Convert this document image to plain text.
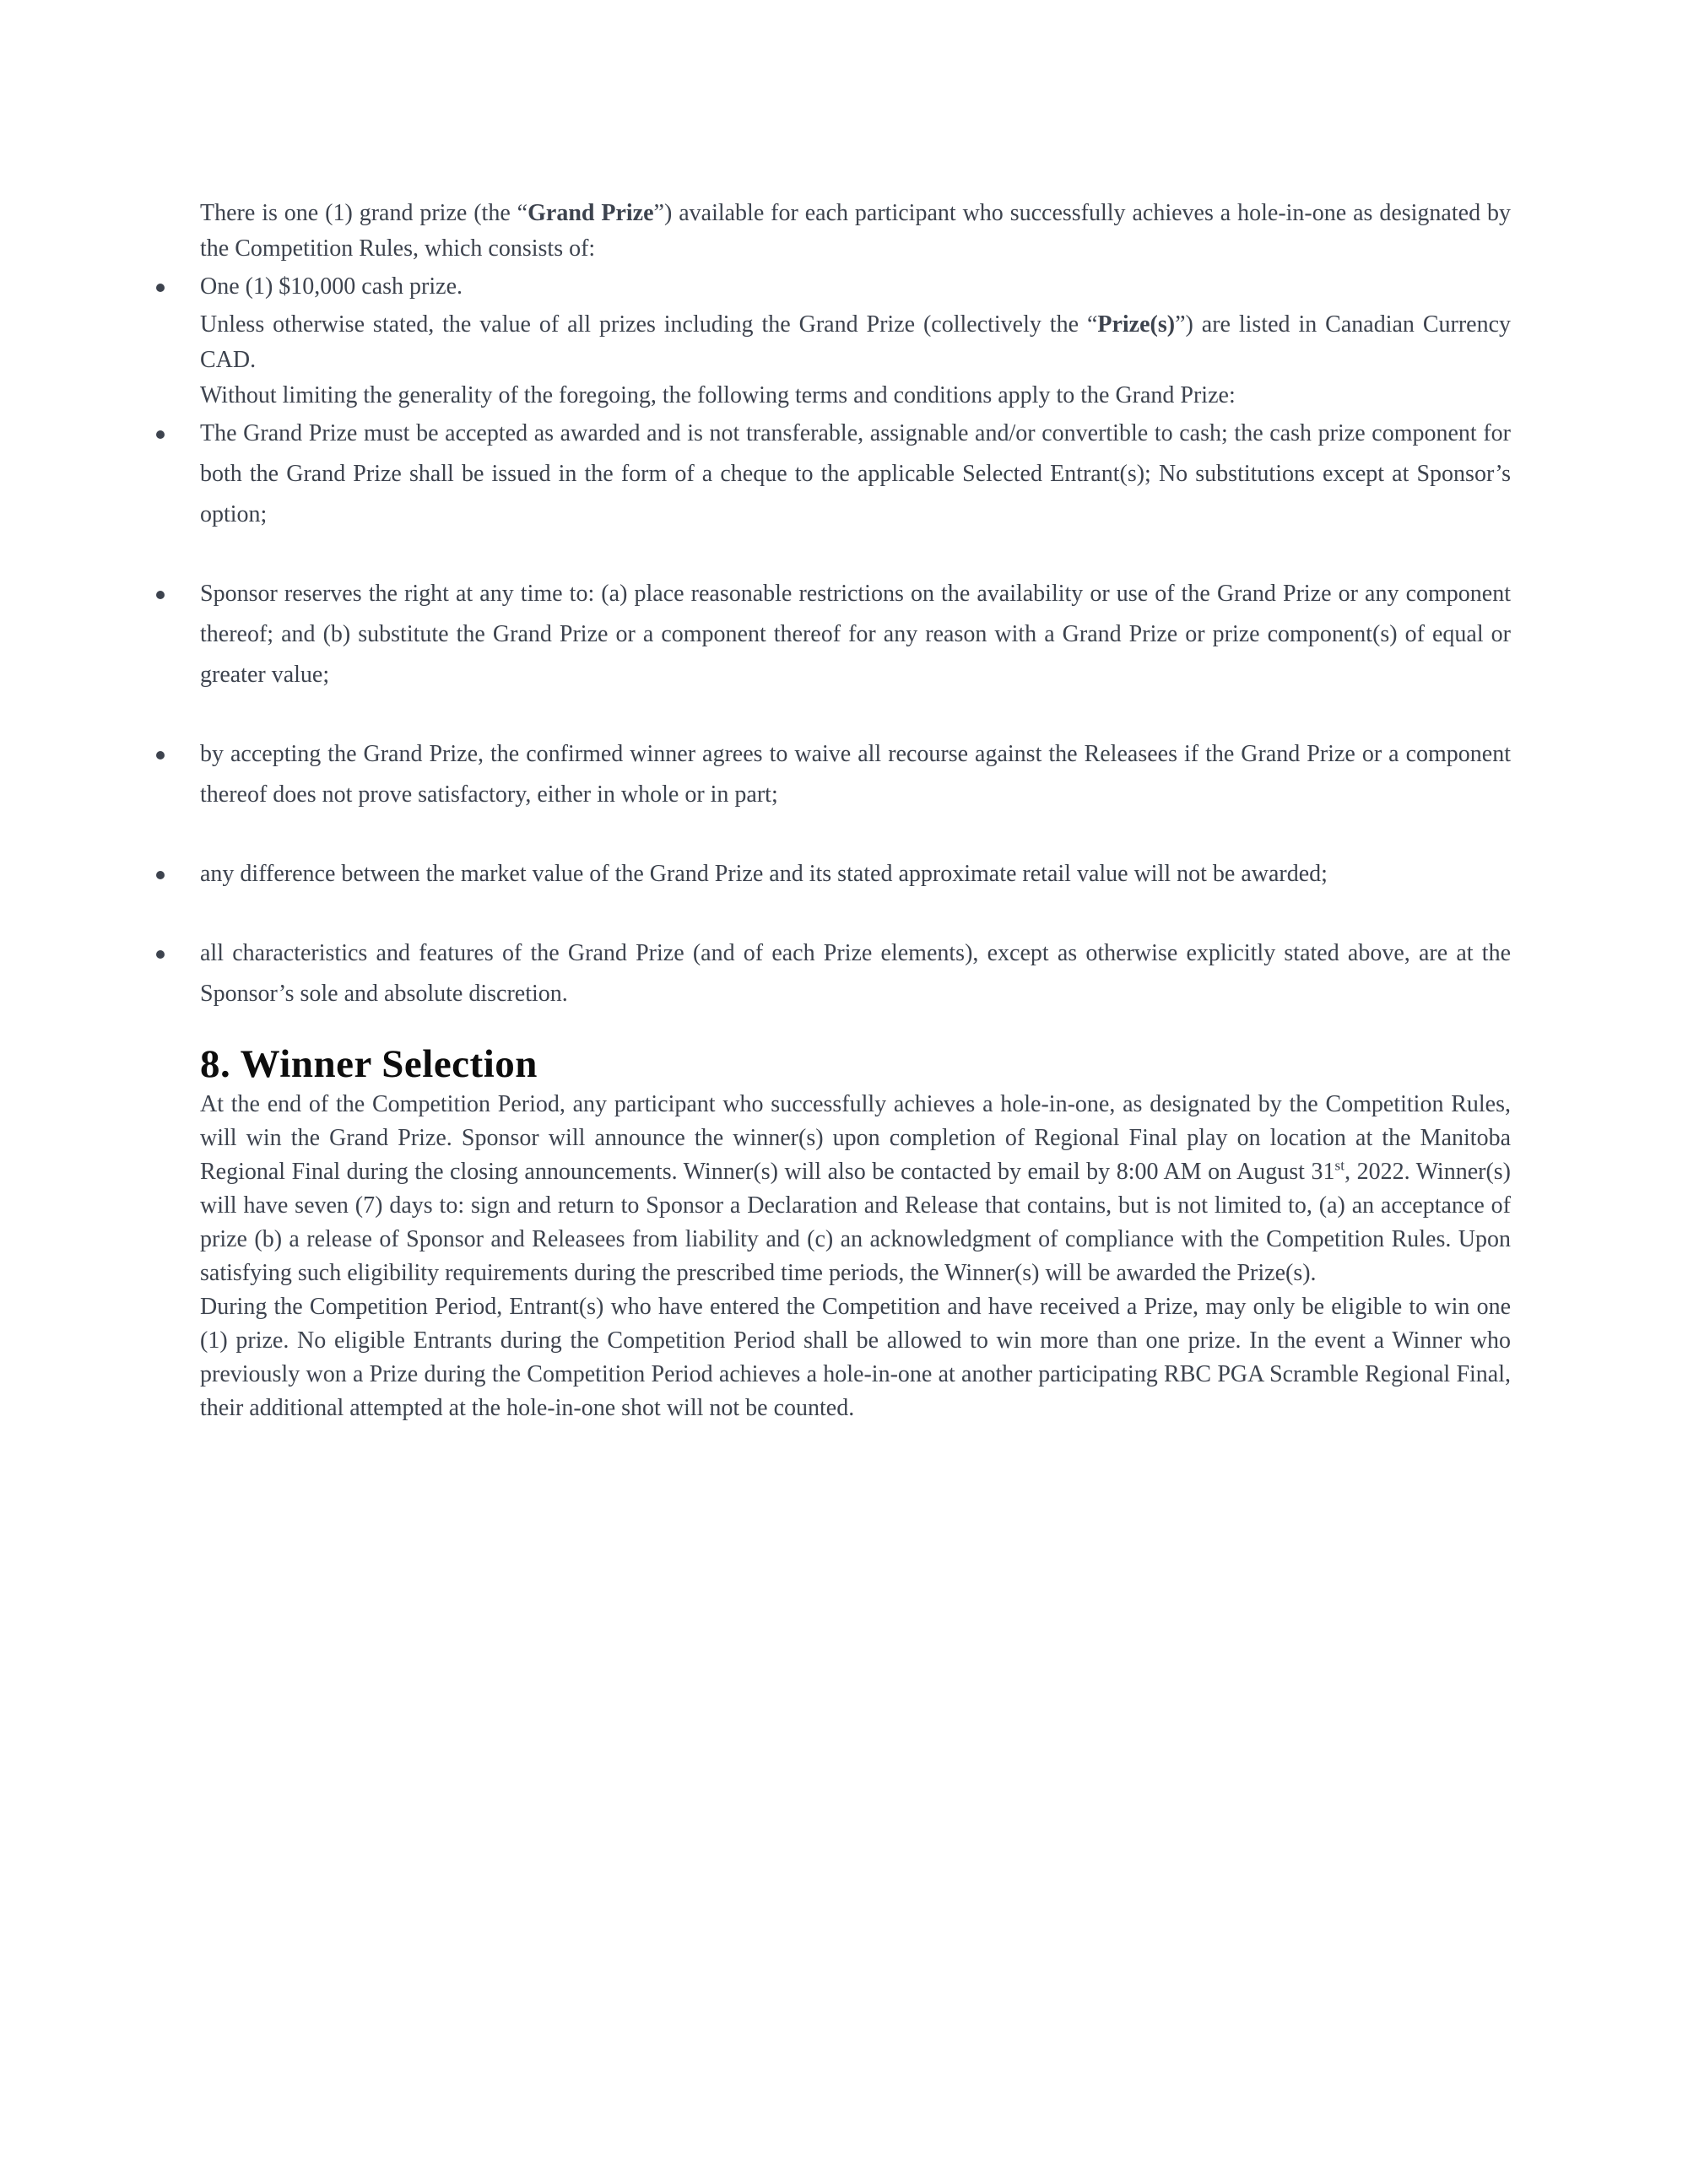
There is one (1) grand prize (the “Grand Prize”) available for each participant who successfully achieves a hole-in-one as designated by the Competition Rules, which consists of:

One (1) $10,000 cash prize.

Unless otherwise stated, the value of all prizes including the Grand Prize (collectively the “Prize(s)”) are listed in Canadian Currency CAD.

Without limiting the generality of the foregoing, the following terms and conditions apply to the Grand Prize:

The Grand Prize must be accepted as awarded and is not transferable, assignable and/or convertible to cash; the cash prize component for both the Grand Prize shall be issued in the form of a cheque to the applicable Selected Entrant(s); No substitutions except at Sponsor’s option;
Sponsor reserves the right at any time to: (a) place reasonable restrictions on the availability or use of the Grand Prize or any component thereof; and (b) substitute the Grand Prize or a component thereof for any reason with a Grand Prize or prize component(s) of equal or greater value;
by accepting the Grand Prize, the confirmed winner agrees to waive all recourse against the Releasees if the Grand Prize or a component thereof does not prove satisfactory, either in whole or in part;
any difference between the market value of the Grand Prize and its stated approximate retail value will not be awarded;
all characteristics and features of the Grand Prize (and of each Prize elements), except as otherwise explicitly stated above, are at the Sponsor’s sole and absolute discretion.
8. Winner Selection

At the end of the Competition Period, any participant who successfully achieves a hole-in-one, as designated by the Competition Rules, will win the Grand Prize. Sponsor will announce the winner(s) upon completion of Regional Final play on location at the Manitoba Regional Final during the closing announcements. Winner(s) will also be contacted by email by 8:00 AM on August 31st, 2022. Winner(s) will have seven (7) days to: sign and return to Sponsor a Declaration and Release that contains, but is not limited to, (a) an acceptance of prize (b) a release of Sponsor and Releasees from liability and (c) an acknowledgment of compliance with the Competition Rules. Upon satisfying such eligibility requirements during the prescribed time periods, the Winner(s) will be awarded the Prize(s).

During the Competition Period, Entrant(s) who have entered the Competition and have received a Prize, may only be eligible to win one (1) prize. No eligible Entrants during the Competition Period shall be allowed to win more than one prize. In the event a Winner who previously won a Prize during the Competition Period achieves a hole-in-one at another participating RBC PGA Scramble Regional Final, their additional attempted at the hole-in-one shot will not be counted.
